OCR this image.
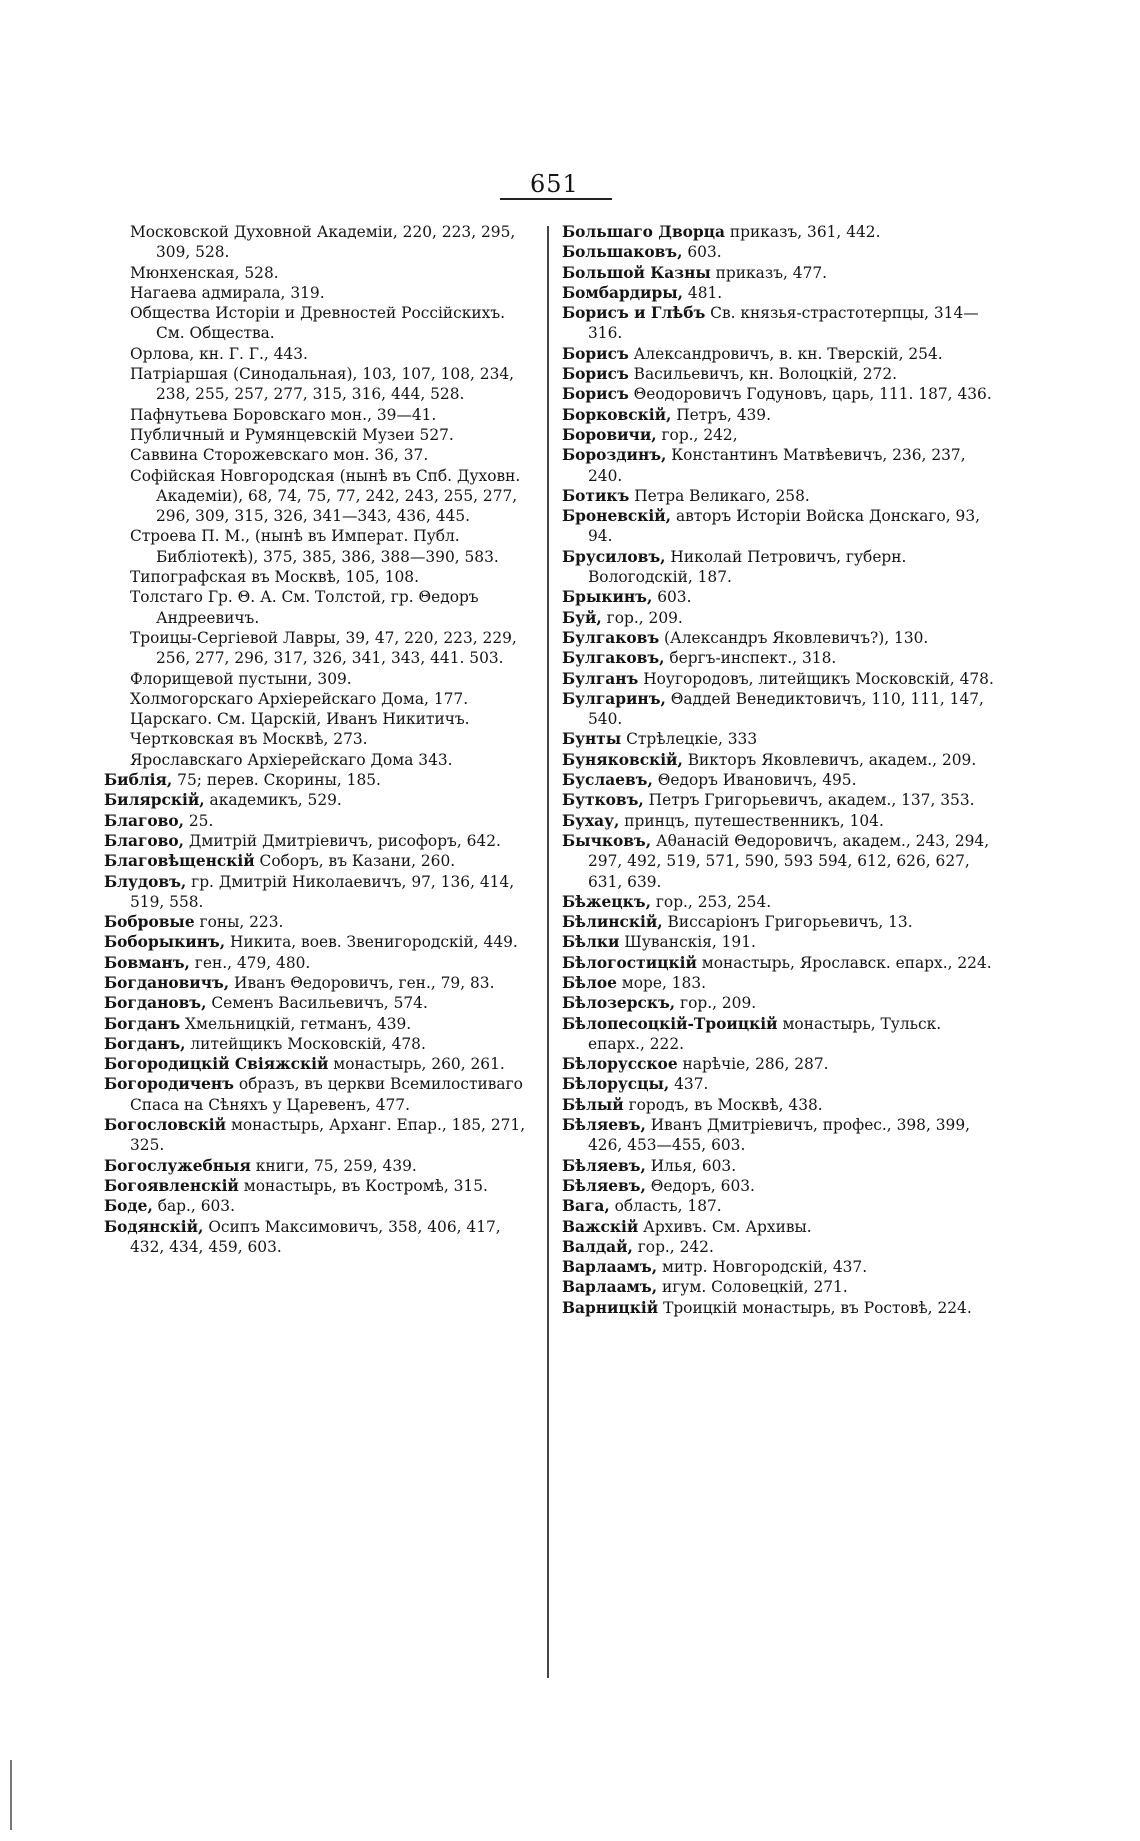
651

Московской Духовной Академіи, 220, 223, 295, 309, 528.

Мюнхенская, 528.

Нагаева адмирала, 319.

Общества Исторіи и Древностей Россійскихъ. См. Общества.

Орлова, кн. Г. Г., 443.

Патріаршая (Синодальная), 103, 107, 108, 234, 238, 255, 257, 277, 315, 316, 444, 528.

Пафнутьева Боровскаго мон., 39—41.

Публичный и Румянцевскій Музеи 527.

Саввина Сторожевскаго мон. 36, 37.

Софійская Новгородская (нынѣ въ Спб. Духовн. Академіи), 68, 74, 75, 77, 242, 243, 255, 277, 296, 309, 315, 326, 341—343, 436, 445.

Строева П. М., (нынѣ въ Императ. Публ. Библіотекѣ), 375, 385, 386, 388—390, 583.

Типографская въ Москвѣ, 105, 108.

Толстаго Гр. Θ. А. См. Толстой, гр. Θедоръ Андреевичъ.

Троицы-Сергіевой Лавры, 39, 47, 220, 223, 229, 256, 277, 296, 317, 326, 341, 343, 441. 503.

Флорищевой пустыни, 309.

Холмогорскаго Архіерейскаго Дома, 177.

Царскаго. См. Царскій, Иванъ Никитичъ.

Чертковская въ Москвѣ, 273.

Ярославскаго Архіерейскаго Дома 343.

Библія, 75; перев. Скорины, 185.

Билярскій, академикъ, 529.

Благово, 25.

Благово, Дмитрій Дмитріевичъ, рисофоръ, 642.

Благовѣщенскій Соборъ, въ Казани, 260.

Блудовъ, гр. Дмитрій Николаевичъ, 97, 136, 414, 519, 558.

Бобровые гоны, 223.

Боборыкинъ, Никита, воев. Звенигородскій, 449.

Бовманъ, ген., 479, 480.

Богдановичъ, Иванъ Θедоровичъ, ген., 79, 83.

Богдановъ, Семенъ Васильевичъ, 574.

Богданъ Хмельницкій, гетманъ, 439.

Богданъ, литейщикъ Московскій, 478.

Богородицкій Свіяжскій монастырь, 260, 261.

Богородиченъ образъ, въ церкви Всемилостиваго Спаса на Сѣняхъ у Царевенъ, 477.

Богословскій монастырь, Арханг. Епар., 185, 271, 325.

Богослужебныя книги, 75, 259, 439.

Богоявленскій монастырь, въ Костромѣ, 315.

Боде, бар., 603.

Бодянскій, Осипъ Максимовичъ, 358, 406, 417, 432, 434, 459, 603.

Большаго Дворца приказъ, 361, 442.

Большаковъ, 603.

Большой Казны приказъ, 477.

Бомбардиры, 481.

Борисъ и Глѣбъ Св. князья-страстотерпцы, 314—316.

Борисъ Александровичъ, в. кн. Тверскій, 254.

Борисъ Васильевичъ, кн. Волоцкій, 272.

Борисъ Θеодоровичъ Годуновъ, царь, 111. 187, 436.

Борковскій, Петръ, 439.

Боровичи, гор., 242,

Бороздинъ, Константинъ Матвѣевичъ, 236, 237, 240.

Ботикъ Петра Великаго, 258.

Броневскій, авторъ Исторіи Войска Донскаго, 93, 94.

Брусиловъ, Николай Петровичъ, губерн. Вологодскій, 187.

Брыкинъ, 603.

Буй, гор., 209.

Булгаковъ (Александръ Яковлевичъ?), 130.

Булгаковъ, бергъ-инспект., 318.

Булганъ Ноугородовъ, литейщикъ Московскій, 478.

Булгаринъ, Θаддей Венедиктовичъ, 110, 111, 147, 540.

Бунты Стрѣлецкіе, 333

Буняковскій, Викторъ Яковлевичъ, академ., 209.

Буслаевъ, Θедоръ Ивановичъ, 495.

Бутковъ, Петръ Григорьевичъ, академ., 137, 353.

Бухау, принцъ, путешественникъ, 104.

Бычковъ, Аθанасій Θедоровичъ, академ., 243, 294, 297, 492, 519, 571, 590, 593 594, 612, 626, 627, 631, 639.

Бѣжецкъ, гор., 253, 254.

Бѣлинскій, Виссаріонъ Григорьевичъ, 13.

Бѣлки Шуванскія, 191.

Бѣлогостицкій монастырь, Ярославск. епарх., 224.

Бѣлое море, 183.

Бѣлозерскъ, гор., 209.

Бѣлопесоцкій-Троицкій монастырь, Тульск. епарх., 222.

Бѣлорусское нарѣчіе, 286, 287.

Бѣлорусцы, 437.

Бѣлый городъ, въ Москвѣ, 438.

Бѣляевъ, Иванъ Дмитріевичъ, профес., 398, 399, 426, 453—455, 603.

Бѣляевъ, Илья, 603.

Бѣляевъ, Θедоръ, 603.

Вага, область, 187.

Важскій Архивъ. См. Архивы.

Валдай, гор., 242.

Варлаамъ, митр. Новгородскій, 437.

Варлаамъ, игум. Соловецкій, 271.

Варницкій Троицкій монастырь, въ Ростовѣ, 224.
